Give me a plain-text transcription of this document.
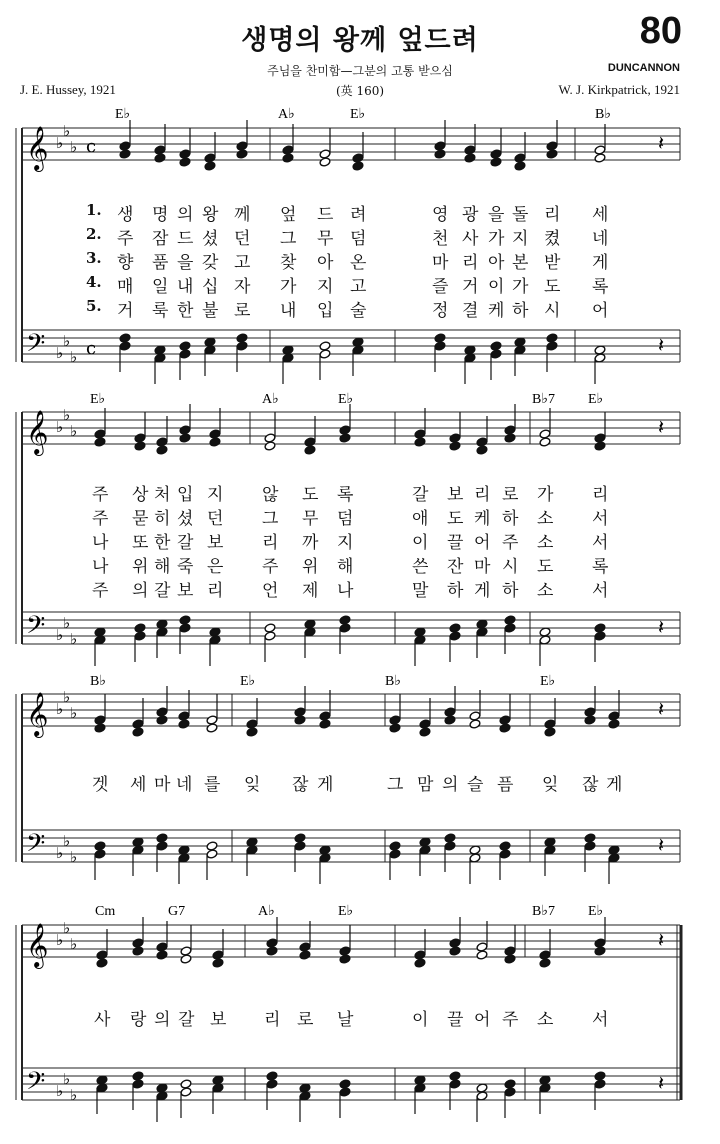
생명의 왕께 엎드려	80
DUNCANNON
주님을 찬미함—그분의 고통 받으심
(英 160)
J. E. Hussey, 1921	W. J. Kirkpatrick, 1921
𝄞
𝄢
♭
♭
♭
♭
♭
♭
c
c
𝄽
𝄽
E♭	A♭	E♭	B♭
𝄞
𝄢
♭
♭
♭
♭
♭
♭
𝄽
𝄽
E♭	A♭	E♭	B♭7 E♭
𝄞
𝄢
♭
♭
♭
♭
♭
♭
𝄽
𝄽
B♭	E♭	B♭	E♭
𝄞
𝄢
♭
♭
♭
♭
♭
♭
𝄽
𝄽
Cm	G7	A♭	E♭	B♭7 E♭
생 명 의 왕 께 엎 드 려	영 광 을 돌 리 세
주 잠 드 셨 던 그 무 덤	천 사 가 지 켰 네
향 품 을 갖 고 찾 아 온	마 리 아 본 받 게
매 일 내 십 자 가 지 고	즐 거 이 가 도 록
거 룩 한 불 로 내 입 술	정 결 케 하 시 어
1.
2.
3.
4.
5.
주 상 처 입 지 않 도 록	갈 보 리 로 가 리
주 묻 히 셨 던 그 무 덤	애 도 케 하 소 서
나 또 한 갈 보 리 까 지	이 끌 어 주 소 서
나 위 해 죽 은 주 위 해	쓴 잔 마 시 도 록
주 의 갈 보 리 언 제 나	말 하 게 하 소 서
겟 세 마 네 를 잊 잖 게	그 맘 의 슬 픔 잊 잖 게
사 랑 의 갈 보 리 로 날	이 끌 어 주 소 서
